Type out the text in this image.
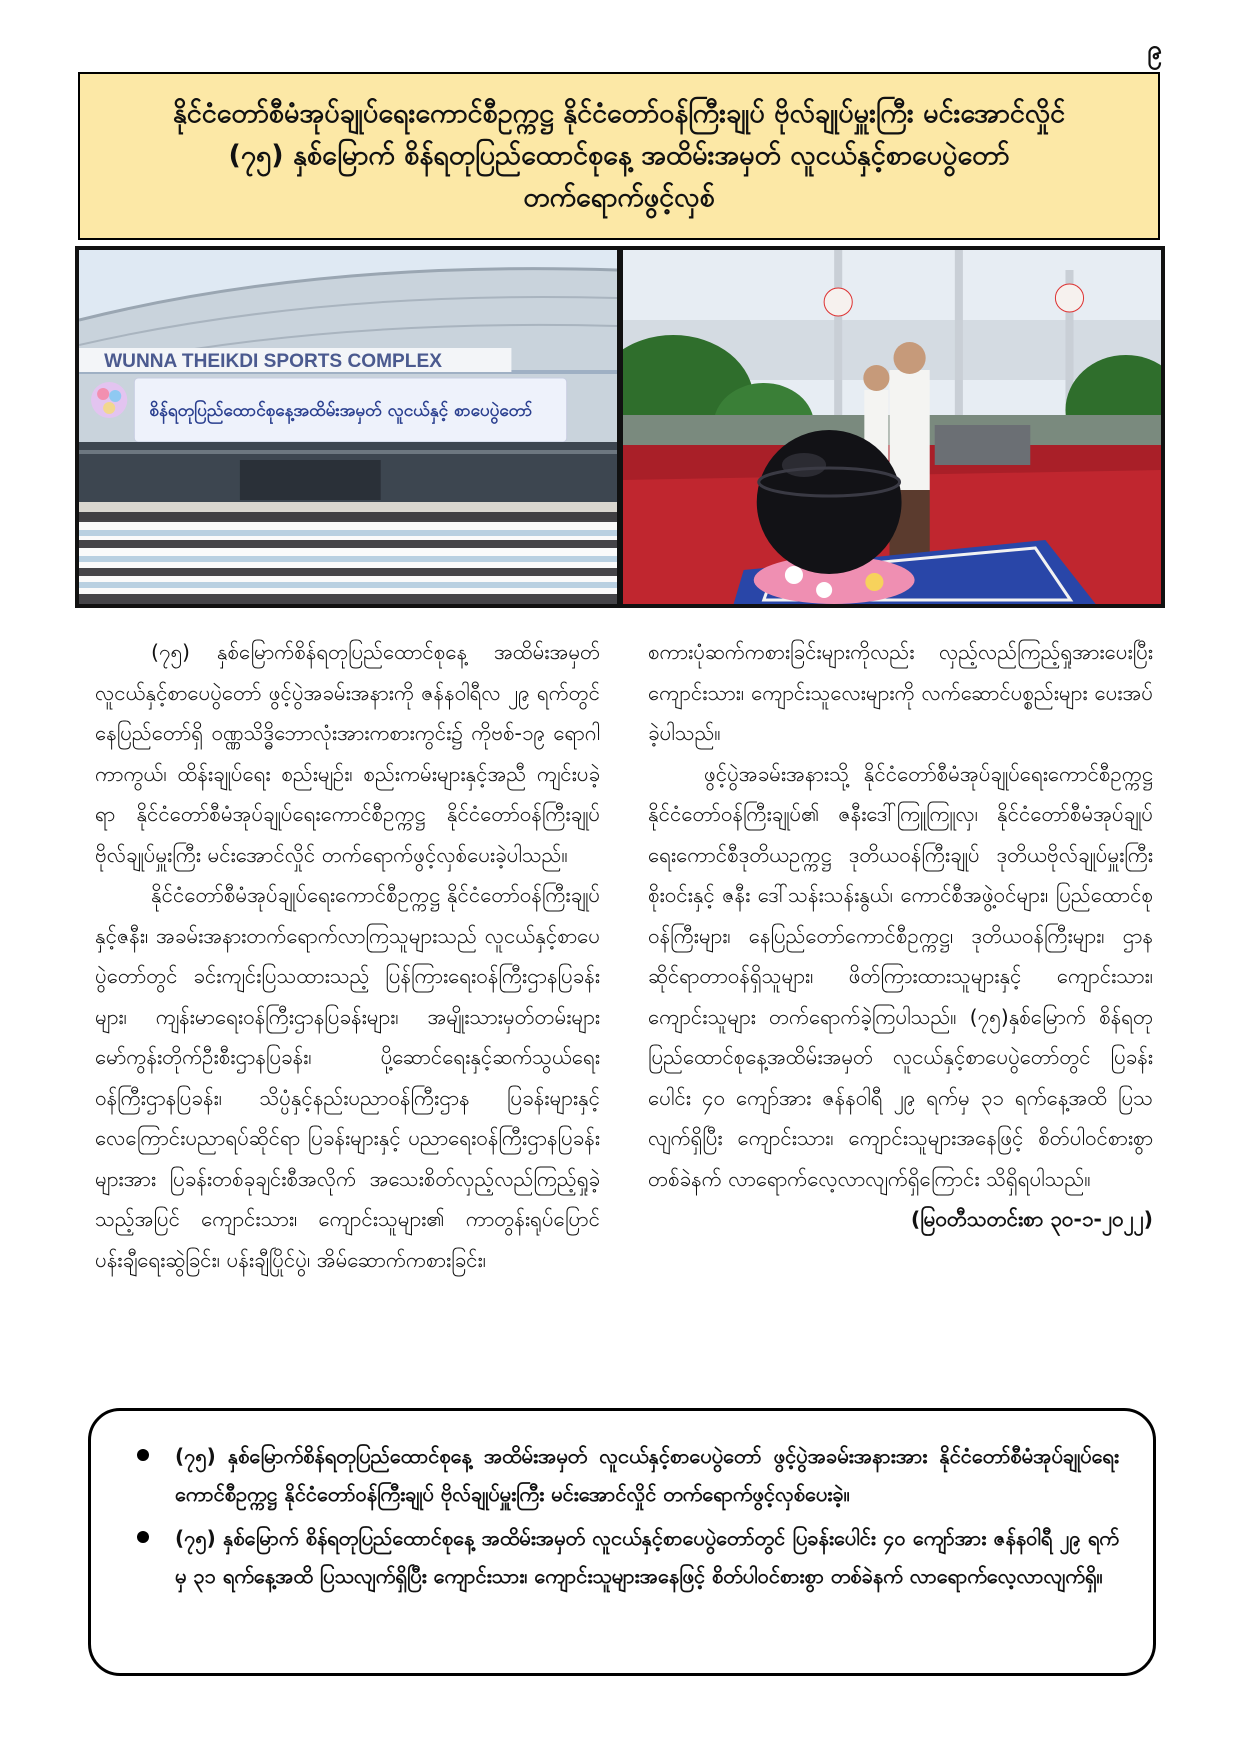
၉
နိုင်ငံတော်စီမံအုပ်ချုပ်ရေးကောင်စီဥက္ကဋ္ဌ နိုင်ငံတော်ဝန်ကြီးချုပ် ဗိုလ်ချုပ်မှူးကြီး မင်းအောင်လှိုင်
(၇၅) နှစ်မြောက် စိန်ရတုပြည်ထောင်စုနေ့ အထိမ်းအမှတ် လူငယ်နှင့်စာပေပွဲတော်
တက်ရောက်ဖွင့်လှစ်
WUNNA THEIKDI SPORTS COMPLEX
စိန်ရတုပြည်ထောင်စုနေ့အထိမ်းအမှတ် လူငယ်နှင့် စာပေပွဲတော်

(၇၅) နှစ်မြောက်စိန်ရတုပြည်ထောင်စုနေ့ အထိမ်းအမှတ် လူငယ်နှင့်စာပေပွဲတော် ဖွင့်ပွဲအခမ်းအနားကို ဇန်နဝါရီလ ၂၉ ရက်တွင် နေပြည်တော်ရှိ ဝဏ္ဏသိဒ္ဓိဘောလုံးအားကစားကွင်း၌ ကိုဗစ်-၁၉ ရောဂါကာကွယ်၊ ထိန်းချုပ်ရေး စည်းမျဉ်း၊ စည်းကမ်းများနှင့်အညီ ကျင်းပခဲ့ရာ နိုင်ငံတော်စီမံအုပ်ချုပ်ရေးကောင်စီဥက္ကဋ္ဌ နိုင်ငံတော်ဝန်ကြီးချုပ် ဗိုလ်ချုပ်မှူးကြီး မင်းအောင်လှိုင် တက်ရောက်ဖွင့်လှစ်ပေးခဲ့ပါသည်။

နိုင်ငံတော်စီမံအုပ်ချုပ်ရေးကောင်စီဥက္ကဋ္ဌ နိုင်ငံတော်ဝန်ကြီးချုပ်နှင့်ဇနီး၊ အခမ်းအနားတက်ရောက်လာကြသူများသည် လူငယ်နှင့်စာပေပွဲတော်တွင် ခင်းကျင်းပြသထားသည့် ပြန်ကြားရေးဝန်ကြီးဌာနပြခန်းများ၊ ကျန်းမာရေးဝန်ကြီးဌာနပြခန်းများ၊ အမျိုးသားမှတ်တမ်းများမော်ကွန်းတိုက်ဦးစီးဌာနပြခန်း၊ ပို့ဆောင်ရေးနှင့်ဆက်သွယ်ရေးဝန်ကြီးဌာနပြခန်း၊ သိပ္ပံနှင့်နည်းပညာဝန်ကြီးဌာန ပြခန်းများနှင့် လေကြောင်းပညာရပ်ဆိုင်ရာ ပြခန်းများနှင့် ပညာရေးဝန်ကြီးဌာနပြခန်းများအား ပြခန်းတစ်ခုချင်းစီအလိုက် အသေးစိတ်လှည့်လည်ကြည့်ရှုခဲ့သည့်အပြင် ကျောင်းသား၊ ကျောင်းသူများ၏ ကာတွန်းရုပ်ပြောင်ပန်းချီရေးဆွဲခြင်း၊ ပန်းချီပြိုင်ပွဲ၊ အိမ်ဆောက်ကစားခြင်း၊

စကားပုံဆက်ကစားခြင်းများကိုလည်း လှည့်လည်ကြည့်ရှုအားပေးပြီး ကျောင်းသား၊ ကျောင်းသူလေးများကို လက်ဆောင်ပစ္စည်းများ ပေးအပ်ခဲ့ပါသည်။

ဖွင့်ပွဲအခမ်းအနားသို့ နိုင်ငံတော်စီမံအုပ်ချုပ်ရေးကောင်စီဥက္ကဋ္ဌ နိုင်ငံတော်ဝန်ကြီးချုပ်၏ ဇနီးဒေါ်ကြူကြူလှ၊ နိုင်ငံတော်စီမံအုပ်ချုပ်ရေးကောင်စီဒုတိယဥက္ကဋ္ဌ ဒုတိယဝန်ကြီးချုပ် ဒုတိယဗိုလ်ချုပ်မှူးကြီး စိုးဝင်းနှင့် ဇနီး ဒေါ်သန်းသန်းနွယ်၊ ကောင်စီအဖွဲ့ဝင်များ၊ ပြည်ထောင်စုဝန်ကြီးများ၊ နေပြည်တော်ကောင်စီဥက္ကဋ္ဌ၊ ဒုတိယဝန်ကြီးများ၊ ဌာနဆိုင်ရာတာဝန်ရှိသူများ၊ ဖိတ်ကြားထားသူများနှင့် ကျောင်းသား၊ ကျောင်းသူများ တက်ရောက်ခဲ့ကြပါသည်။ (၇၅)နှစ်မြောက် စိန်ရတုပြည်ထောင်စုနေ့အထိမ်းအမှတ် လူငယ်နှင့်စာပေပွဲတော်တွင် ပြခန်းပေါင်း ၄၀ ကျော်အား ဇန်နဝါရီ ၂၉ ရက်မှ ၃၁ ရက်နေ့အထိ ပြသလျက်ရှိပြီး ကျောင်းသား၊ ကျောင်းသူများအနေဖြင့် စိတ်ပါဝင်စားစွာ တစ်ခဲနက် လာရောက်လေ့လာလျက်ရှိကြောင်း သိရှိရပါသည်။

(မြဝတီသတင်းစာ ၃၀-၁-၂၀၂၂)

(၇၅) နှစ်မြောက်စိန်ရတုပြည်ထောင်စုနေ့ အထိမ်းအမှတ် လူငယ်နှင့်စာပေပွဲတော် ဖွင့်ပွဲအခမ်းအနားအား နိုင်ငံတော်စီမံအုပ်ချုပ်ရေးကောင်စီဥက္ကဋ္ဌ နိုင်ငံတော်ဝန်ကြီးချုပ် ဗိုလ်ချုပ်မှူးကြီး မင်းအောင်လှိုင် တက်ရောက်ဖွင့်လှစ်ပေးခဲ့။
(၇၅) နှစ်မြောက် စိန်ရတုပြည်ထောင်စုနေ့ အထိမ်းအမှတ် လူငယ်နှင့်စာပေပွဲတော်တွင် ပြခန်းပေါင်း ၄၀ ကျော်အား ဇန်နဝါရီ ၂၉ ရက်မှ ၃၁ ရက်နေ့အထိ ပြသလျက်ရှိပြီး ကျောင်းသား၊ ကျောင်းသူများအနေဖြင့် စိတ်ပါဝင်စားစွာ တစ်ခဲနက် လာရောက်လေ့လာလျက်ရှိ။
